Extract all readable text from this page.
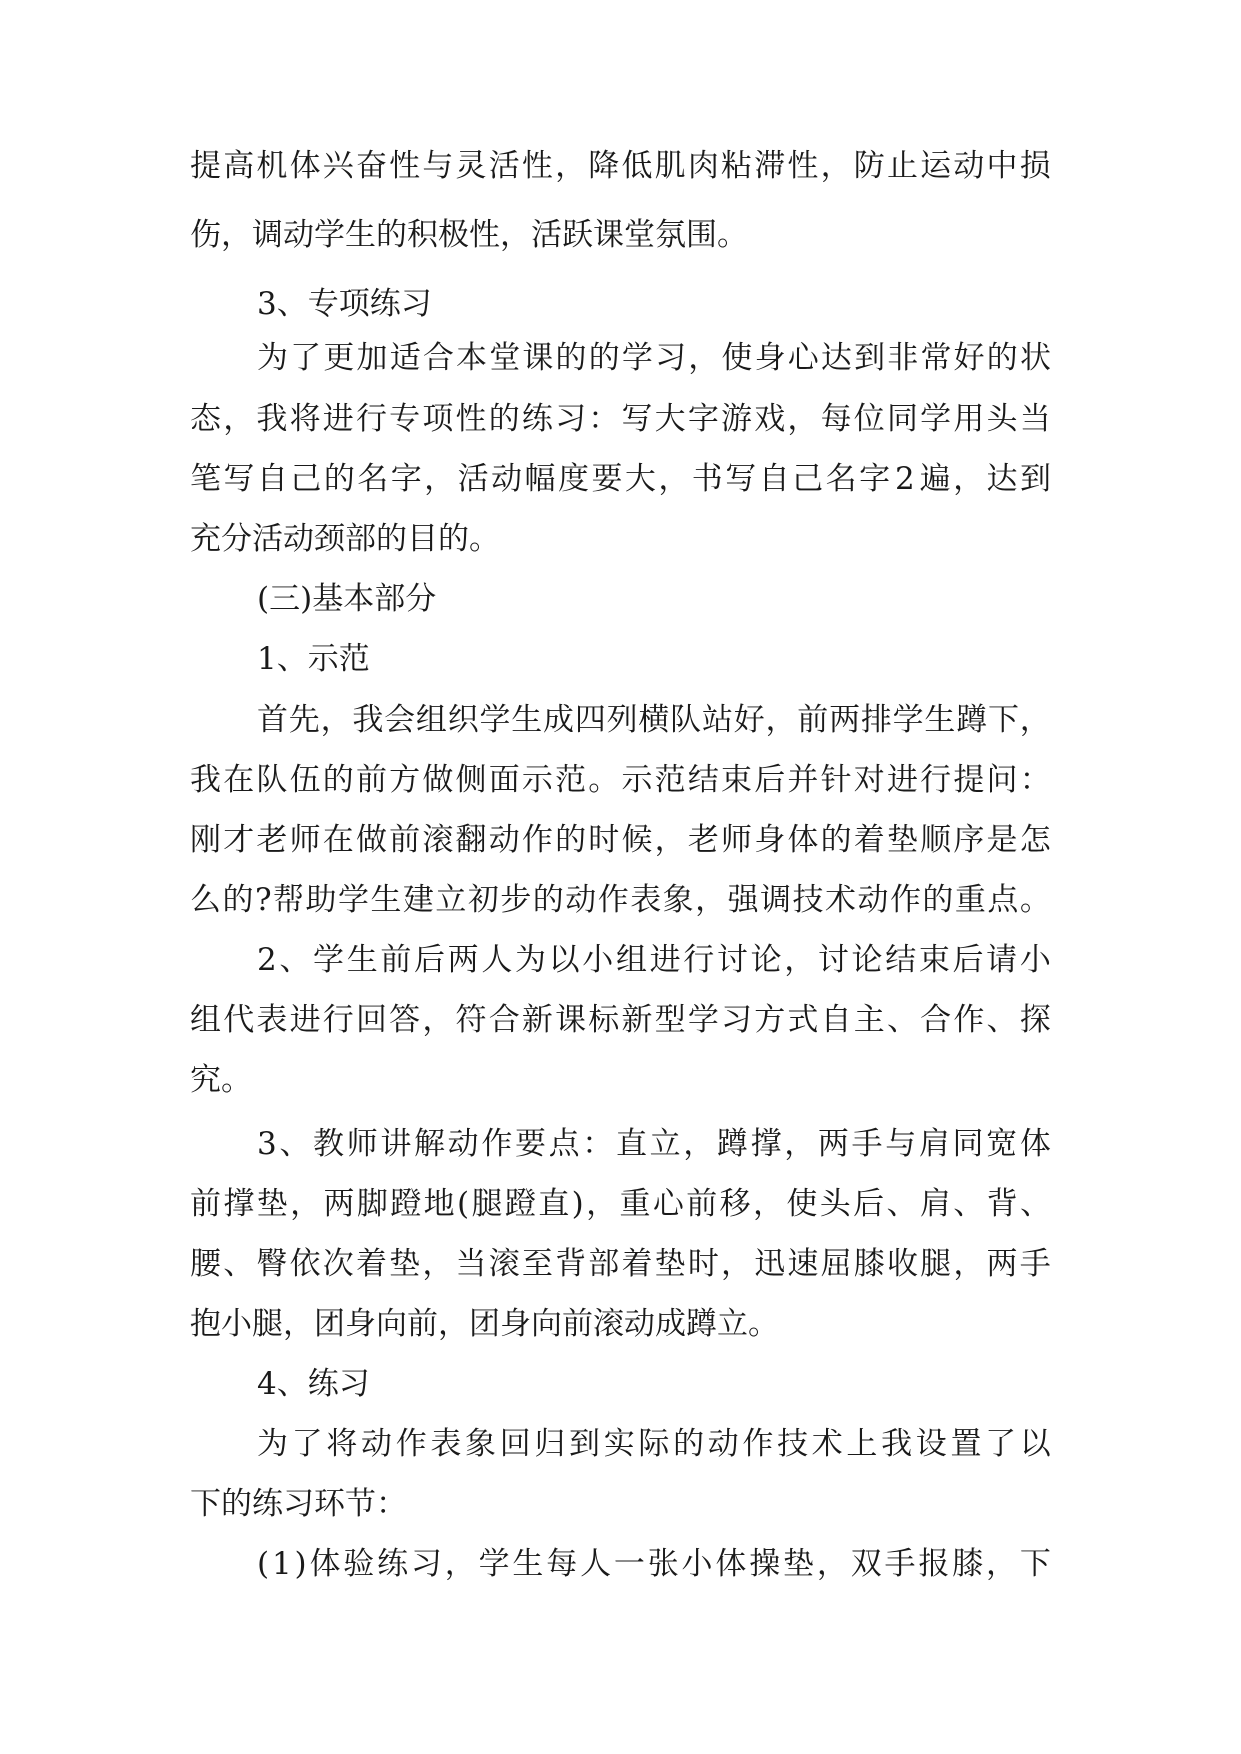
提 高 机 体 兴 奋 性 与 灵 活 性 ， 降 低 肌 肉 粘 滞 性 ， 防 止 运 动 中 损
伤，调动学生的积极性，活跃课堂氛围。
3、专项练习
为 了 更 加 适 合 本 堂 课 的 的 学 习 ， 使 身 心 达 到 非 常 好 的 状
态 ， 我 将 进 行 专 项 性 的 练 习 ： 写 大 字 游 戏 ， 每 位 同 学 用 头 当
笔 写 自 己 的 名 字 ， 活 动 幅 度 要 大 ， 书 写 自 己 名 字 2 遍 ， 达 到
充分活动颈部的目的。
(三)基本部分
1、示范
首 先 ， 我 会 组 织 学 生 成 四 列 横 队 站 好 ， 前 两 排 学 生 蹲 下 ，
我 在 队 伍 的 前 方 做 侧 面 示 范 。 示 范 结 束 后 并 针 对 进 行 提 问 ：
刚 才 老 师 在 做 前 滚 翻 动 作 的 时 候 ， 老 师 身 体 的 着 垫 顺 序 是 怎
么 的 ? 帮 助 学 生 建 立 初 步 的 动 作 表 象 ， 强 调 技 术 动 作 的 重 点 。
2 、 学 生 前 后 两 人 为 以 小 组 进 行 讨 论 ， 讨 论 结 束 后 请 小
组 代 表 进 行 回 答 ， 符 合 新 课 标 新 型 学 习 方 式 自 主 、 合 作 、 探
究。
3 、 教 师 讲 解 动 作 要 点 ： 直 立 ， 蹲 撑 ， 两 手 与 肩 同 宽 体
前 撑 垫 ， 两 脚 蹬 地 ( 腿 蹬 直 ) ， 重 心 前 移 ， 使 头 后 、 肩 、 背 、
腰 、 臀 依 次 着 垫 ， 当 滚 至 背 部 着 垫 时 ， 迅 速 屈 膝 收 腿 ， 两 手
抱小腿，团身向前，团身向前滚动成蹲立。
4、练习
为 了 将 动 作 表 象 回 归 到 实 际 的 动 作 技 术 上 我 设 置 了 以
下的练习环节：
( 1 ) 体 验 练 习 ， 学 生 每 人 一 张 小 体 操 垫 ， 双 手 报 膝 ， 下
